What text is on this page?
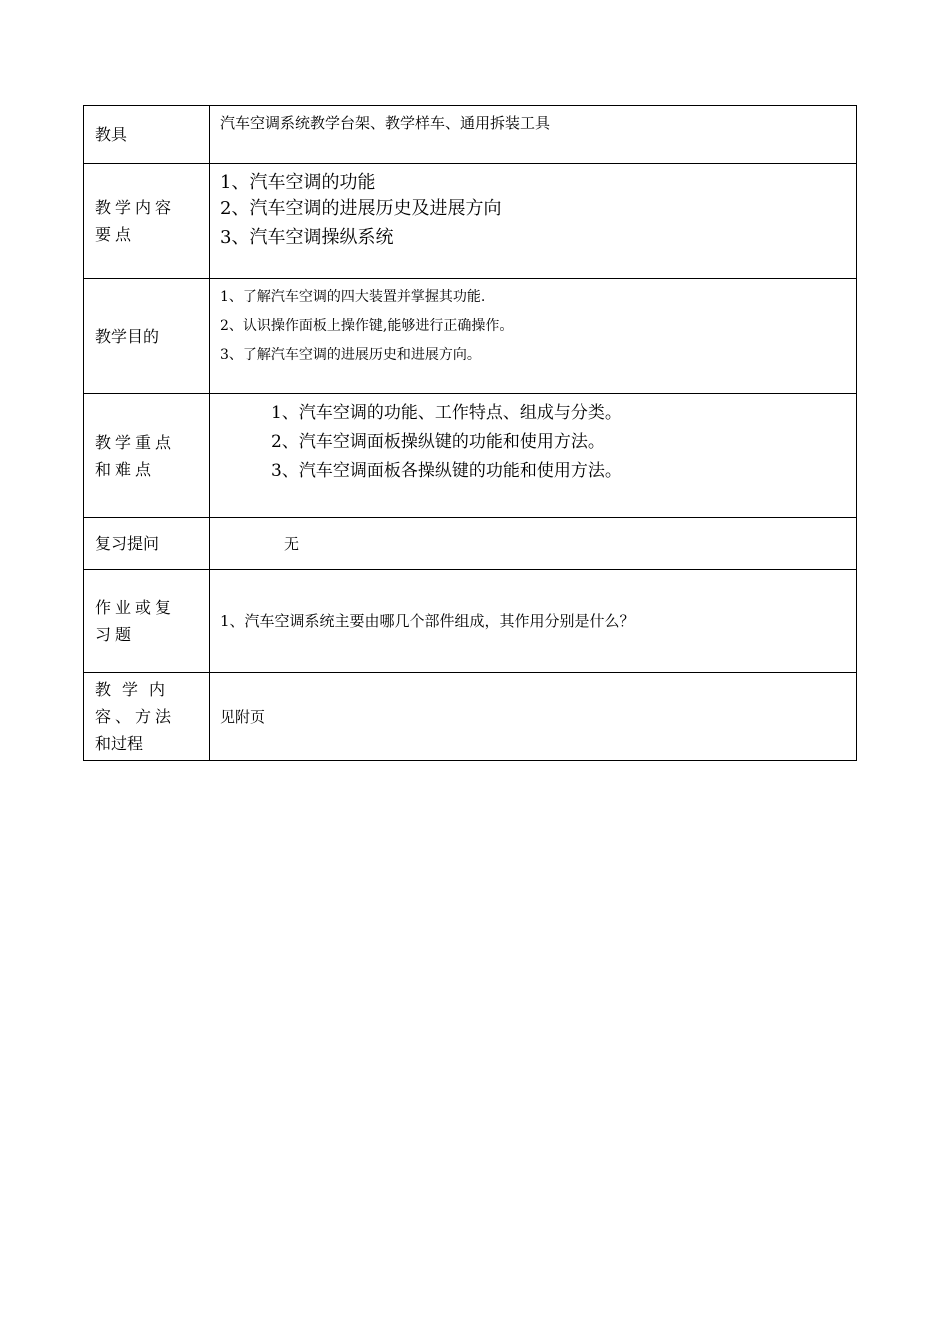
教具	汽车空调系统教学台架、教学样车、通用拆装工具

教学内容
要点	1、汽车空调的功能
2、汽车空调的进展历史及进展方向
3、汽车空调操纵系统

教学目的	1、了解汽车空调的四大装置并掌握其功能.
2、认识操作面板上操作键,能够进行正确操作。
3、了解汽车空调的进展历史和进展方向。

教学重点
和难点	1、汽车空调的功能、工作特点、组成与分类。
2、汽车空调面板操纵键的功能和使用方法。
3、汽车空调面板各操纵键的功能和使用方法。

复习提问	无

作业或复
习题	1、汽车空调系统主要由哪几个部件组成，其作用分别是什么？

教学内
容、方法
和过程	见附页
